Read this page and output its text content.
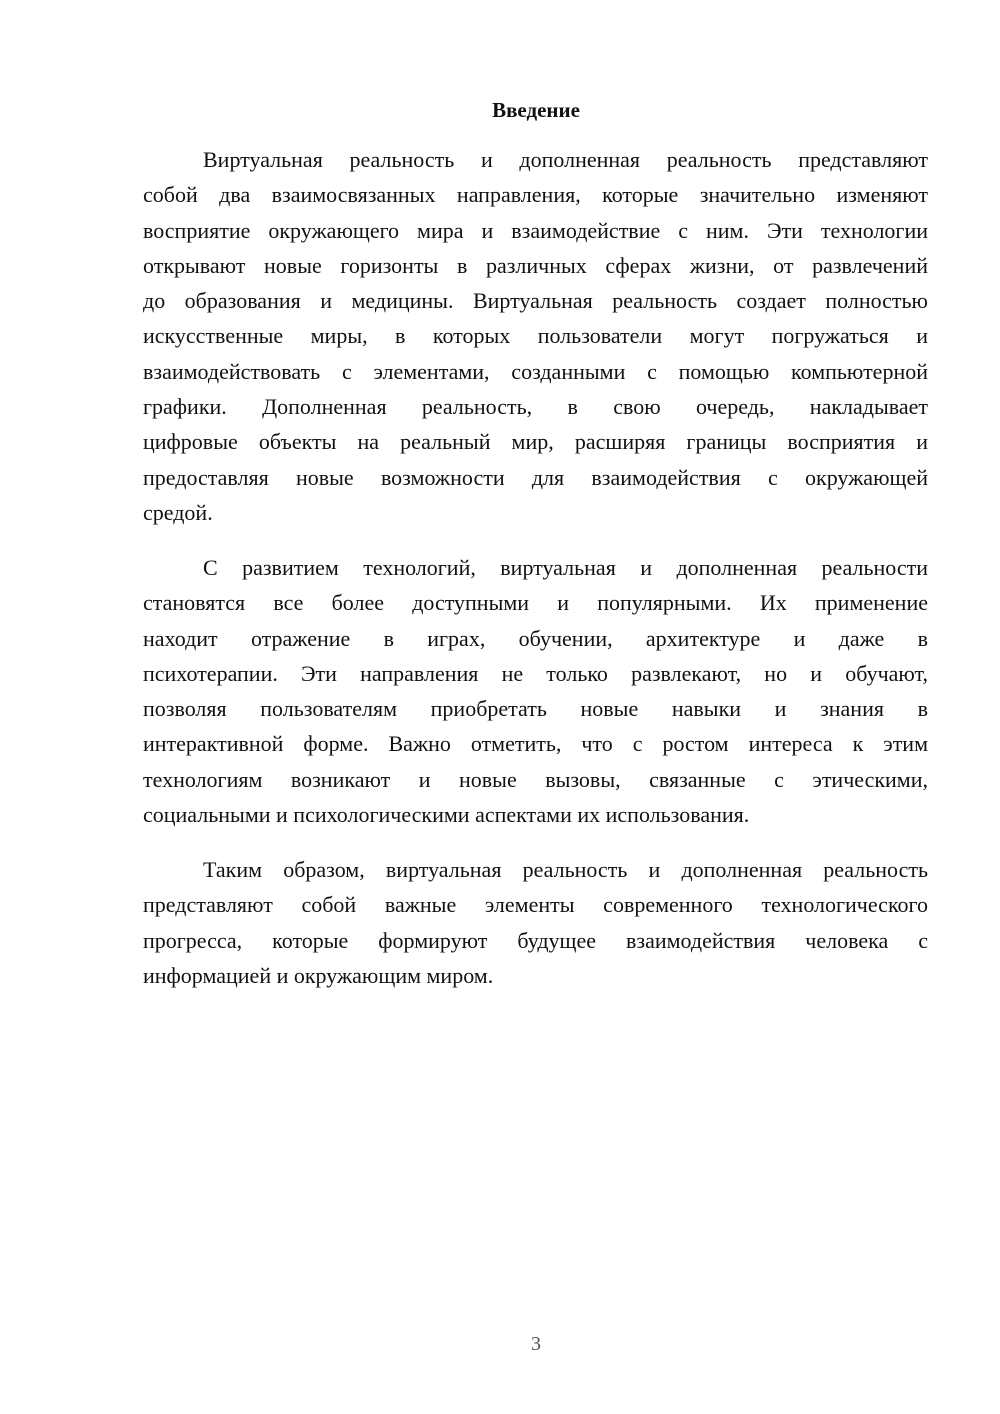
Введение
Виртуальная реальность и дополненная реальность представляют
собой два взаимосвязанных направления, которые значительно изменяют
восприятие окружающего мира и взаимодействие с ним. Эти технологии
открывают новые горизонты в различных сферах жизни, от развлечений
до образования и медицины. Виртуальная реальность создает полностью
искусственные миры, в которых пользователи могут погружаться и
взаимодействовать с элементами, созданными с помощью компьютерной
графики. Дополненная реальность, в свою очередь, накладывает
цифровые объекты на реальный мир, расширяя границы восприятия и
предоставляя новые возможности для взаимодействия с окружающей
средой.
С развитием технологий, виртуальная и дополненная реальности
становятся все более доступными и популярными. Их применение
находит отражение в играх, обучении, архитектуре и даже в
психотерапии. Эти направления не только развлекают, но и обучают,
позволяя пользователям приобретать новые навыки и знания в
интерактивной форме. Важно отметить, что с ростом интереса к этим
технологиям возникают и новые вызовы, связанные с этическими,
социальными и психологическими аспектами их использования.
Таким образом, виртуальная реальность и дополненная реальность
представляют собой важные элементы современного технологического
прогресса, которые формируют будущее взаимодействия человека с
информацией и окружающим миром.
3
